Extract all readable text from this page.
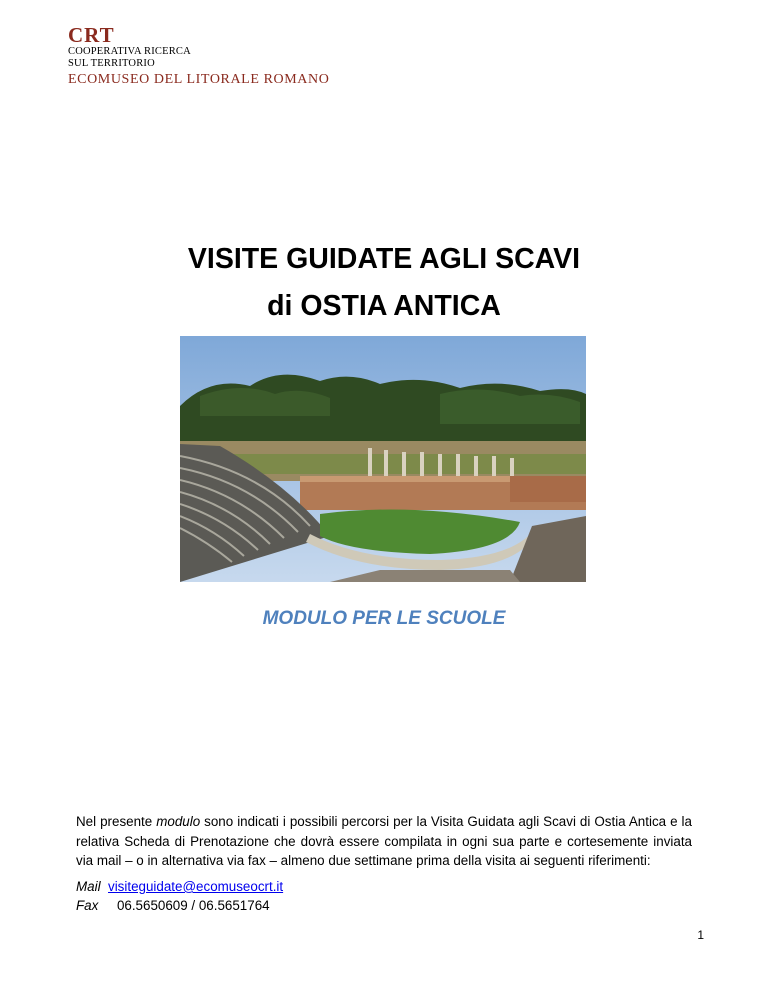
CRT
COOPERATIVA RICERCA
SUL TERRITORIO
ECOMUSEO DEL LITORALE ROMANO
VISITE GUIDATE AGLI SCAVI
di OSTIA ANTICA
MODULO PER LE SCUOLE
Nel presente modulo sono indicati i possibili percorsi per la Visita Guidata agli Scavi di Ostia Antica e la relativa Scheda di Prenotazione che dovrà essere compilata in ogni sua parte e cortesemente inviata via mail – o in alternativa via fax – almeno due settimane prima della visita ai seguenti riferimenti:
Mail visiteguidate@ecomuseocrt.it
Fax 06.5650609 / 06.5651764
1
